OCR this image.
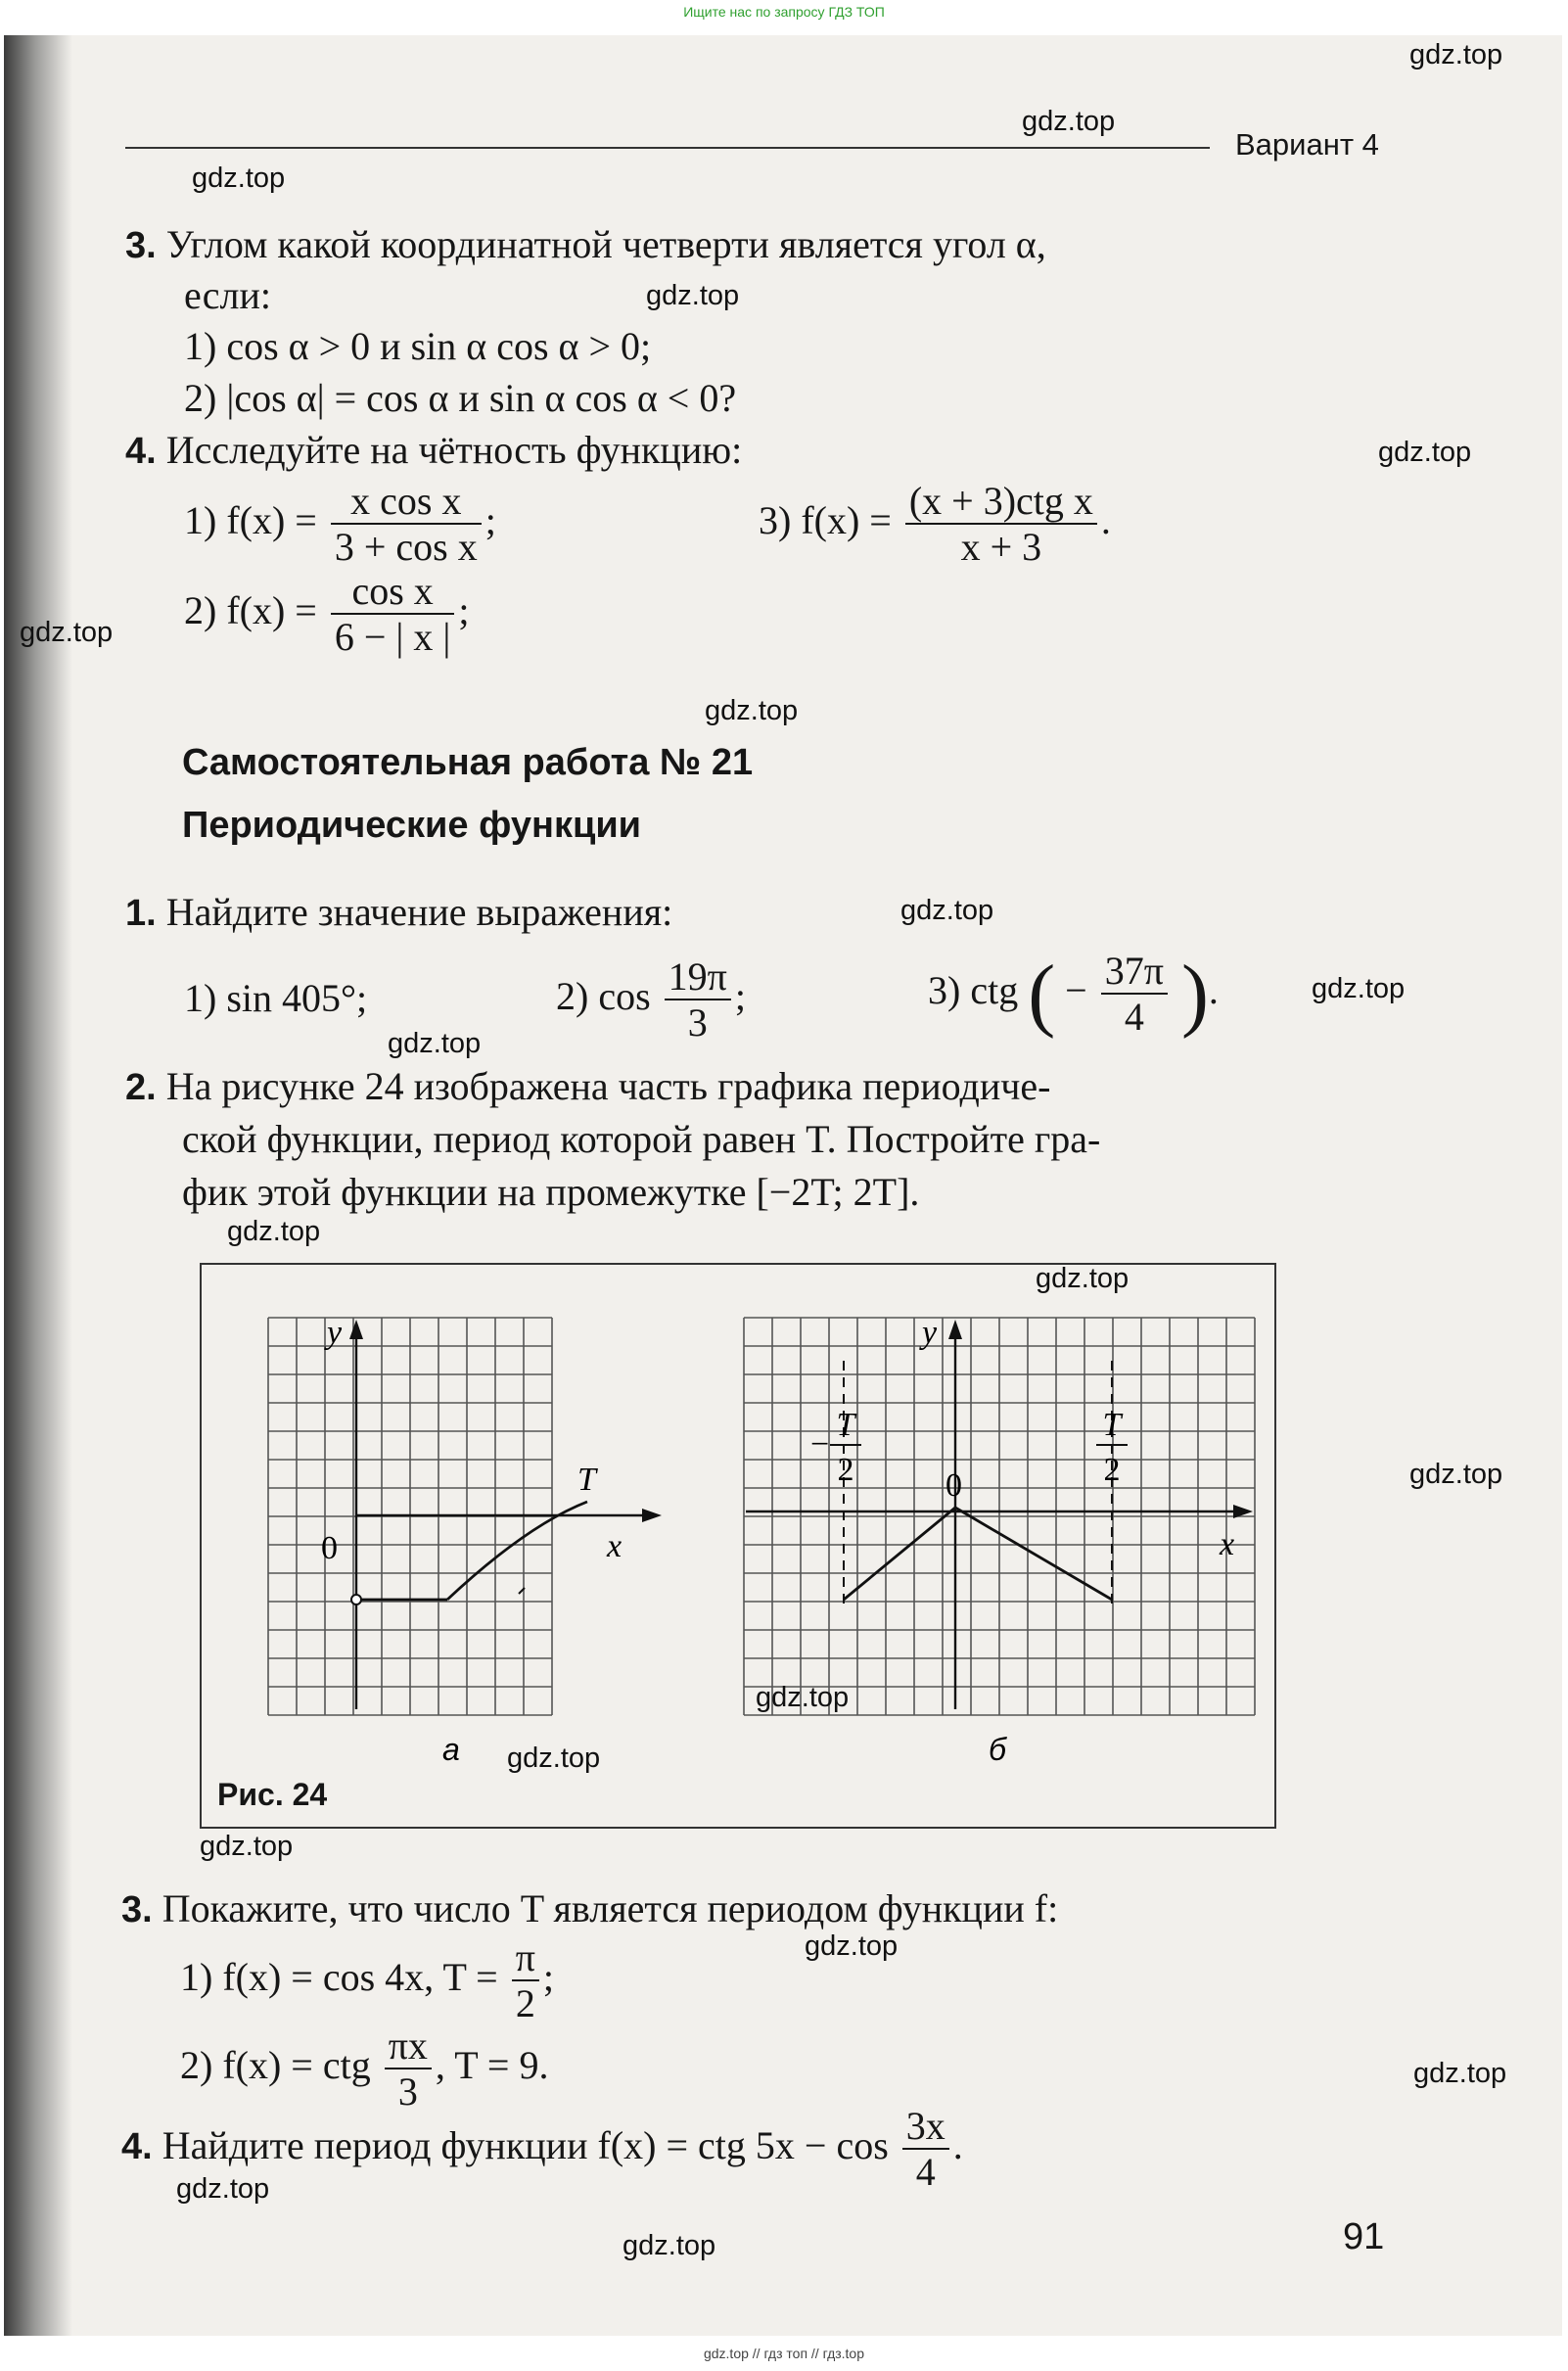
Ищите нас по запросу ГДЗ ТОП
Вариант 4
3. Углом какой координатной четверти является угол α,
если:
1) cos α > 0 и sin α cos α > 0;
2) |cos α| = cos α и sin α cos α < 0?
4. Исследуйте на чётность функцию:
1) $f(x) = \frac{\text{x cos x}}{\text{3 + cos x}}$ ;	3) $f(x) = \frac{\text{(x + 3)ctg x}}{x + 3}$ .
2) $f(x) = \frac{\text{cos x}}{6 - | x |}$ ;
Самостоятельная работа № 21
Периодические функции
1. Найдите значение выражения:
1) sin 405°;	2) $\cos \frac{19\pi}{3}$ ;	3) ctg ( − $\frac{37\pi}{4}$ ).
2. На рисунке 24 изображена часть графика периодиче-
ской функции, период которой равен T. Постройте гра-
фик этой функции на промежутке [−2T; 2T].
y
0	x
T
y
0
x
−
T
2
T
2
а	б
Рис. 24
3. Покажите, что число T является периодом функции f:
1) f(x) = cos 4x, $T = \frac{\pi}{2}$ ;
2) f(x) = ctg $\frac{\pi x}{3}$ , T = 9.
4. Найдите период функции f(x) = ctg $5x - \cos \frac{3x}{4}$ .
91
gdz.top
gdz.top
gdz.top
gdz.top
gdz.top
gdz.top
gdz.top
gdz.top
gdz.top
gdz.top
gdz.top
gdz.top
gdz.top
gdz.top
gdz.top
gdz.top
gdz.top
gdz.top
gdz.top
gdz.top
gdz.top // гдз топ // гдз.top
